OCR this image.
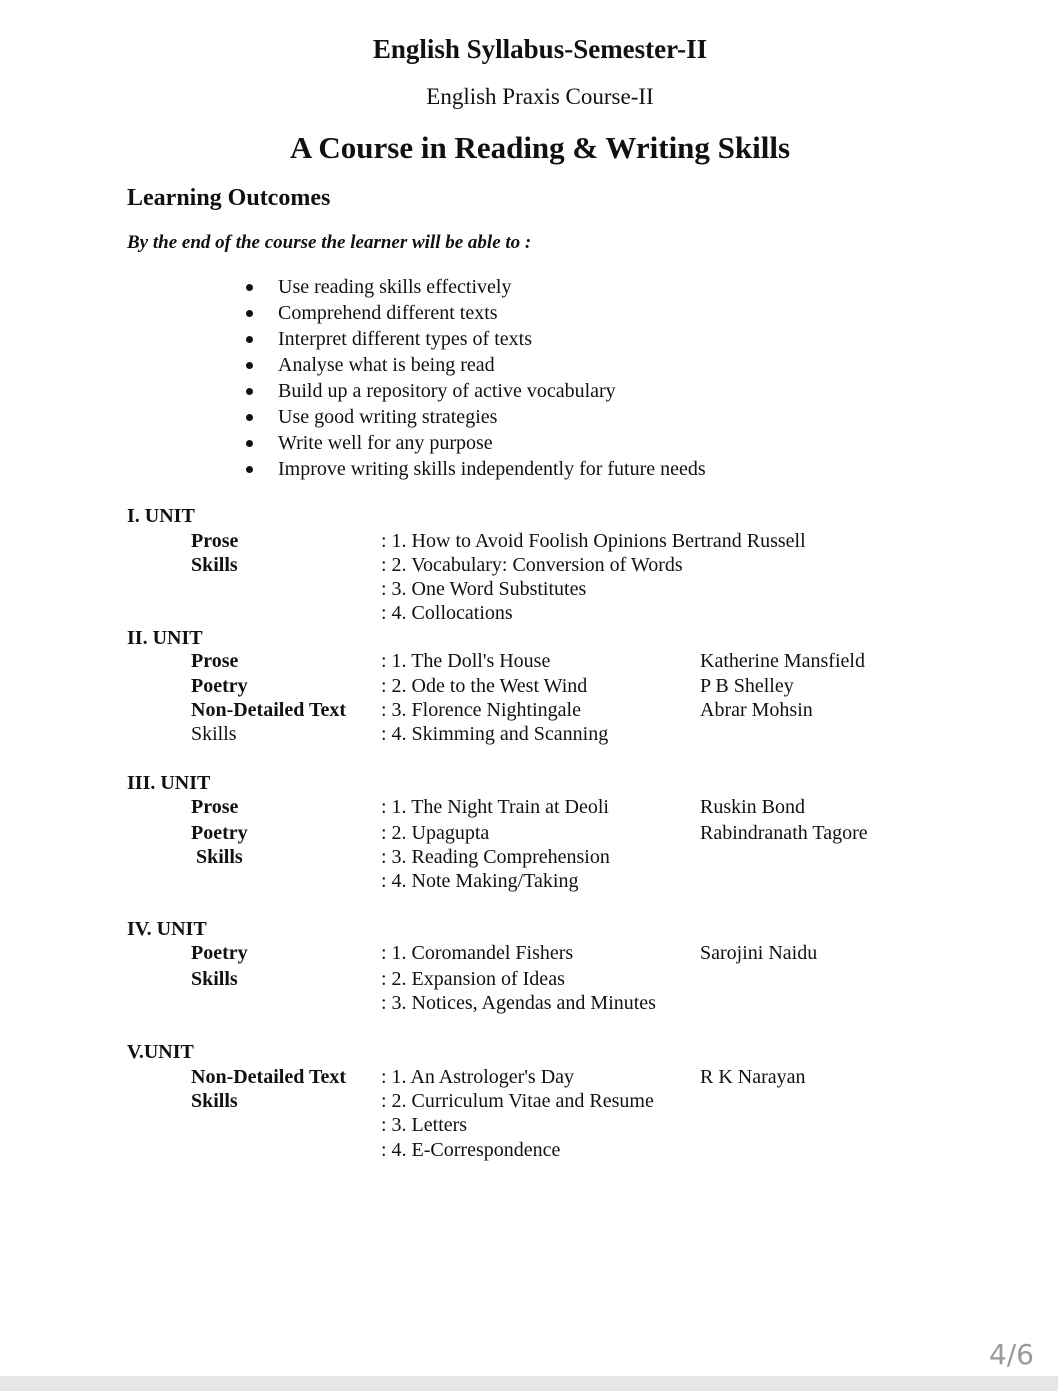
English Syllabus-Semester-II
English Praxis Course-II
A Course in Reading & Writing Skills
Learning Outcomes
By the end of the course the learner will be able to :
Use reading skills effectively
Comprehend different texts
Interpret different types of texts
Analyse what is being read
Build up a repository of active vocabulary
Use good writing strategies
Write well for any purpose
Improve writing skills independently for future needs
I. UNIT
Prose
Skills
: 1. How to Avoid Foolish Opinions Bertrand Russell
: 2. Vocabulary: Conversion of Words
: 3. One Word Substitutes
: 4. Collocations
II. UNIT
Prose
Poetry
Non-Detailed Text
Skills
: 1. The Doll's House
: 2. Ode to the West Wind
: 3. Florence Nightingale
: 4. Skimming and Scanning
Katherine Mansfield
P B Shelley
Abrar Mohsin
III. UNIT
Prose
Poetry
Skills
: 1. The Night Train at Deoli
: 2. Upagupta
: 3. Reading Comprehension
: 4. Note Making/Taking
Ruskin Bond
Rabindranath Tagore
IV. UNIT
Poetry
Skills
: 1. Coromandel Fishers
: 2. Expansion of Ideas
: 3. Notices, Agendas and Minutes
Sarojini Naidu
V.UNIT
Non-Detailed Text
Skills
: 1. An Astrologer's Day
: 2. Curriculum Vitae and Resume
: 3. Letters
: 4. E-Correspondence
R K Narayan
4/6
